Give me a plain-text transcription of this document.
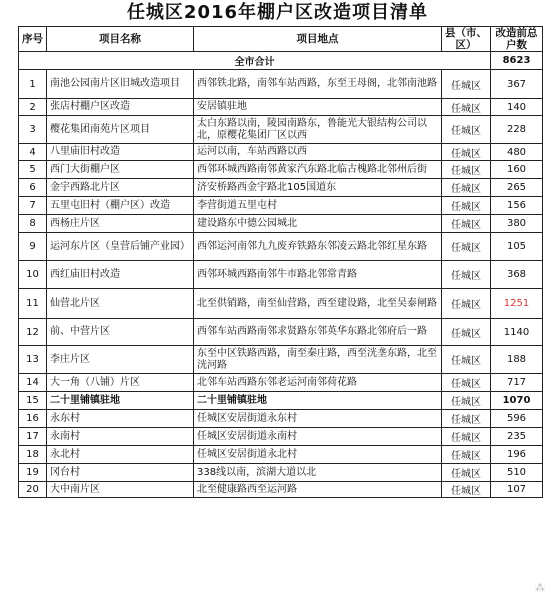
任城区2016年棚户区改造项目清单
序号	项目名称	项目地点	县（市、区）	改造前总户数
全市合计				8623
1	南池公园南片区旧城改造项目	西邻铁北路，南邻车站西路，东至王母阁，北邻南池路	任城区	367
2	张店村棚户区改造	安居镇驻地	任城区	140
3	樱花集团南苑片区项目	太白东路以南，陵园南路东，鲁能光大银结构公司以北，原樱花集团厂区以西	任城区	228
4	八里庙旧村改造	运河以南，车站西路以西	任城区	480
5	西门大街棚户区	西邻环城西路南邻黄家汽东路北临古槐路北邻州后街	任城区	160
6	金宇西路北片区	济安桥路西金宇路北105国道东	任城区	265
7	五里屯旧村（棚户区）改造	李营街道五里屯村	任城区	156
8	西杨庄片区	建设路东中德公园城北	任城区	380
9	运河东片区（皇营后铺产业园）	西邻运河南邻九九废弃铁路东邻凌云路北邻红星东路	任城区	105
10	西红庙旧村改造	西邻环城西路南邻牛市路北邻常青路	任城区	368
11	仙营北片区	北至供销路，南至仙营路，西至建设路，北至吴泰闸路	任城区	1251
12	前、中营片区	西邻车站西路南邻求贤路东邻英华东路北邻府后一路	任城区	1140
13	李庄片区	东至中区铁路西路，南至秦庄路，西至洸垄东路，北至洸河路	任城区	188
14	大一角（八铺）片区	北邻车站西路东邻老运河南邻荷花路	任城区	717
15	二十里铺镇驻地	二十里铺镇驻地	任城区	1070
16	永东村	任城区安居街道永东村	任城区	596
17	永南村	任城区安居街道永南村	任城区	235
18	永北村	任城区安居街道永北村	任城区	196
19	冈台村	338线以南，滨湖大道以北	任城区	510
20	大中南片区	北至健康路西至运河路	任城区	107
⁂
